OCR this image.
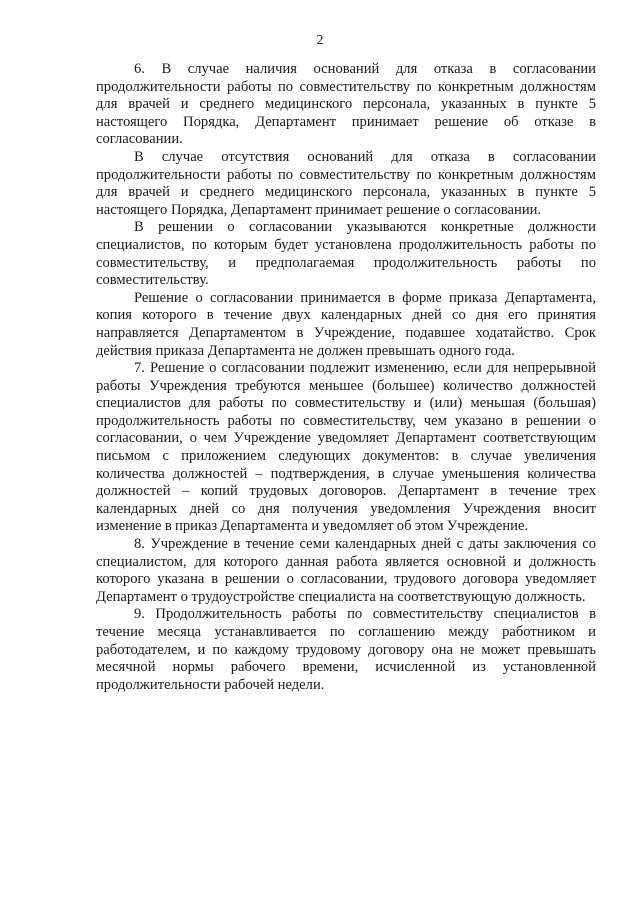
2

6. В случае наличия оснований для отказа в согласовании продолжительности работы по совместительству по конкретным должностям для врачей и среднего медицинского персонала, указанных в пункте 5 настоящего Порядка, Департамент принимает решение об отказе в согласовании.

В случае отсутствия оснований для отказа в согласовании продолжительности работы по совместительству по конкретным должностям для врачей и среднего медицинского персонала, указанных в пункте 5 настоящего Порядка, Департамент принимает решение о согласовании.

В решении о согласовании указываются конкретные должности специалистов, по которым будет установлена продолжительность работы по совместительству, и предполагаемая продолжительность работы по совместительству.

Решение о согласовании принимается в форме приказа Департамента, копия которого в течение двух календарных дней со дня его принятия направляется Департаментом в Учреждение, подавшее ходатайство. Срок действия приказа Департамента не должен превышать одного года.

7. Решение о согласовании подлежит изменению, если для непрерывной работы Учреждения требуются меньшее (большее) количество должностей специалистов для работы по совместительству и (или) меньшая (большая) продолжительность работы по совместительству, чем указано в решении о согласовании, о чем Учреждение уведомляет Департамент соответствующим письмом с приложением следующих документов: в случае увеличения количества должностей – подтверждения, в случае уменьшения количества должностей – копий трудовых договоров. Департамент в течение трех календарных дней со дня получения уведомления Учреждения вносит изменение в приказ Департамента и уведомляет об этом Учреждение.

8. Учреждение в течение семи календарных дней с даты заключения со специалистом, для которого данная работа является основной и должность которого указана в решении о согласовании, трудового договора уведомляет Департамент о трудоустройстве специалиста на соответствующую должность.

9. Продолжительность работы по совместительству специалистов в течение месяца устанавливается по соглашению между работником и работодателем, и по каждому трудовому договору она не может превышать месячной нормы рабочего времени, исчисленной из установленной продолжительности рабочей недели.
